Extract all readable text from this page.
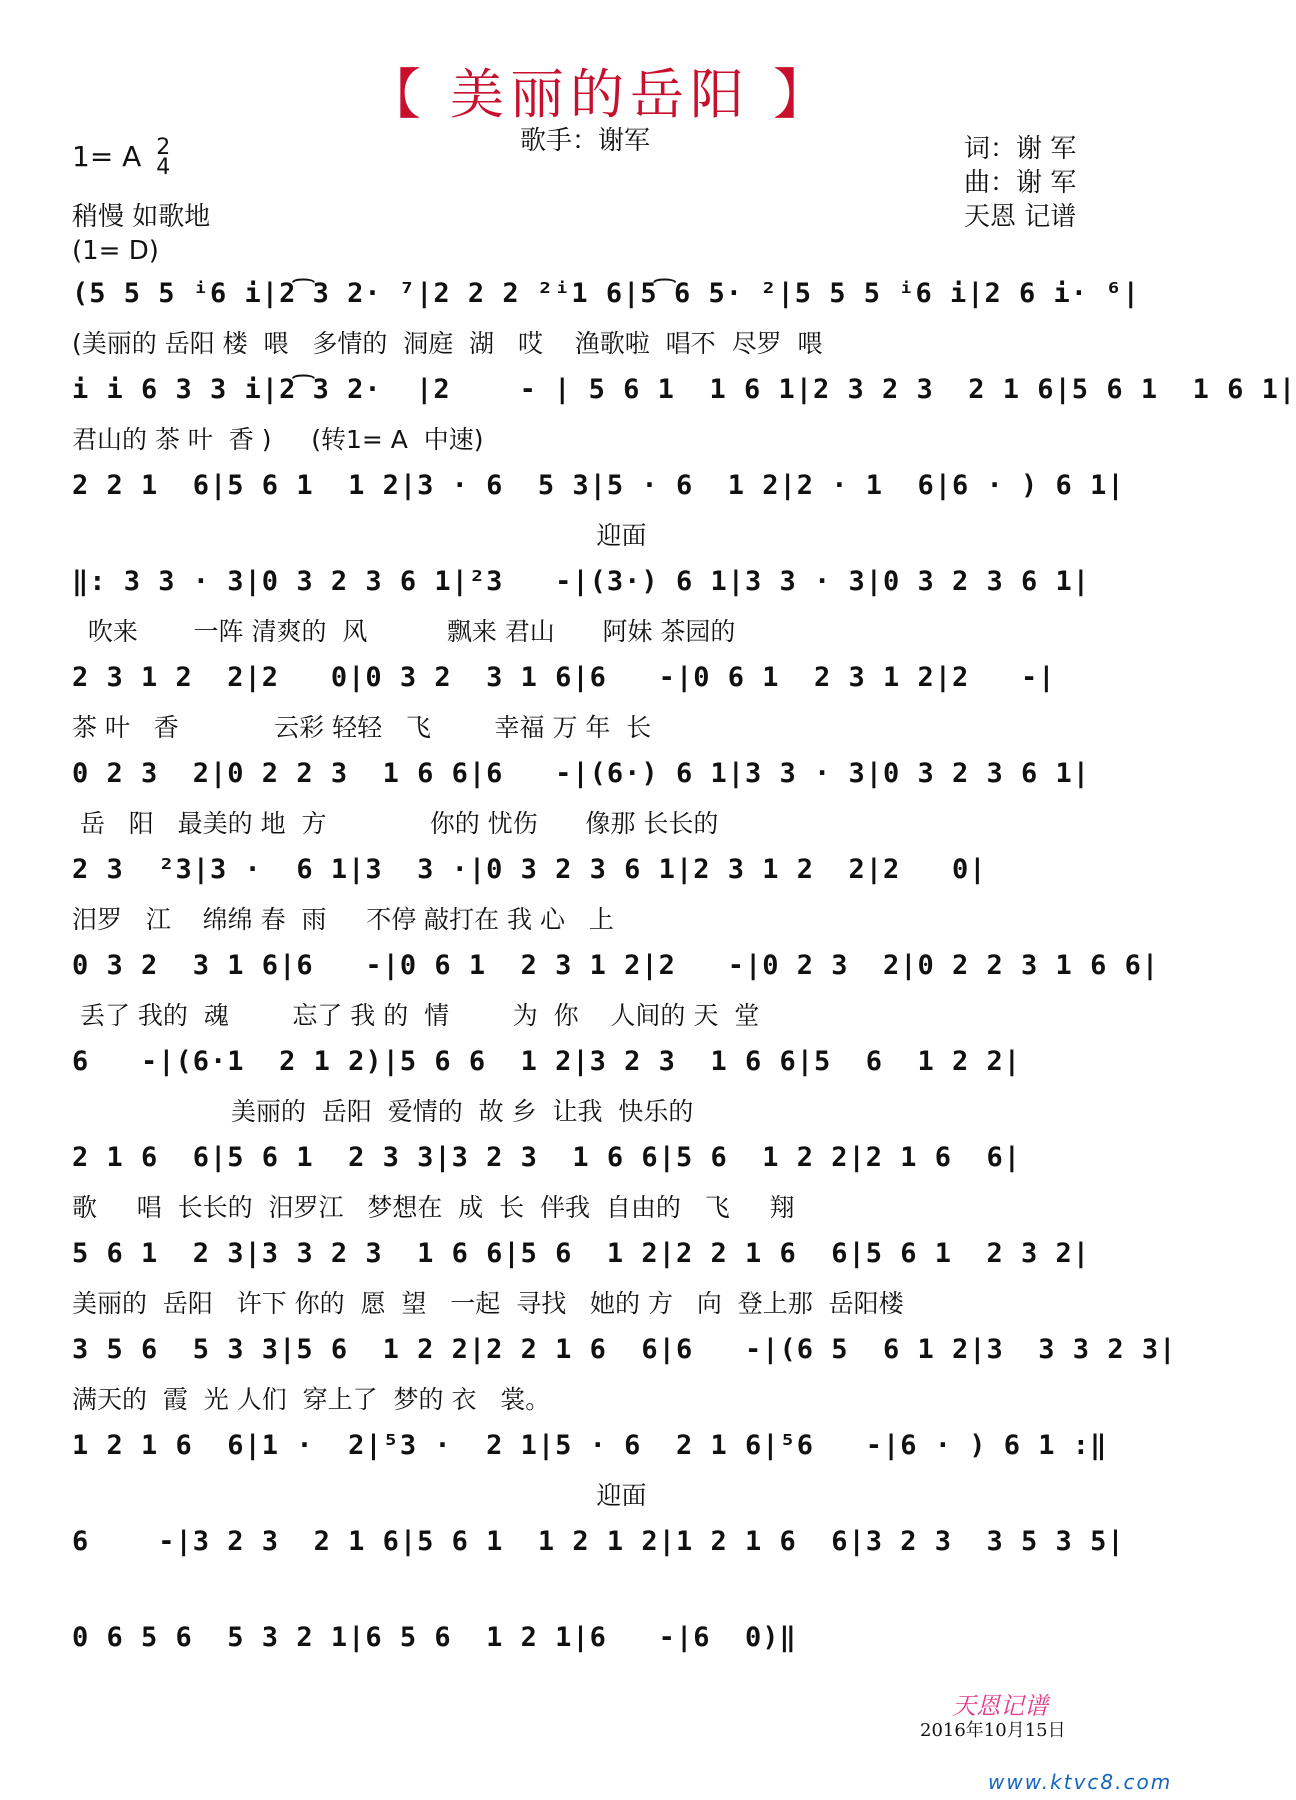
【 美丽的岳阳 】
歌手：谢军
1= A 2
4
词：谢 军
曲：谢 军
天恩 记谱
稍慢 如歌地
(1= D)
(5 5 5 ⁱ6 i|2͡3 2· ⁷|2 2 2 ²ⁱ1 6|5͡6 5· ²|5 5 5 ⁱ6 i|2 6 i· ⁶|
(美丽的 岳阳 楼  喂   多情的  洞庭  湖   哎    渔歌啦  唱不  尽罗  喂
i i 6 3 3 i|2͡3 2·  |2    - | 5 6 1  1 6 1|2 3 2 3  2 1 6|5 6 1  1 6 1|
君山的 茶 叶  香 )     (转1= A  中速)
2 2 1  6|5 6 1  1 2|3 · 6  5 3|5 · 6  1 2|2 · 1  6|6 · ) 6 1|
迎面
‖: 3 3 · 3|0 3 2 3 6 1|²3   -|(3·) 6 1|3 3 · 3|0 3 2 3 6 1|
吹来       一阵 清爽的  风          飘来 君山      阿妹 茶园的
2 3 1 2  2|2   0|0 3 2  3 1 6|6   -|0 6 1  2 3 1 2|2   -|
茶 叶   香            云彩 轻轻   飞        幸福 万 年  长
0 2 3  2|0 2 2 3  1 6 6|6   -|(6·) 6 1|3 3 · 3|0 3 2 3 6 1|
岳   阳   最美的 地  方             你的 忧伤      像那 长长的
2 3  ²3|3 ·  6 1|3  3 ·|0 3 2 3 6 1|2 3 1 2  2|2   0|
汨罗   江    绵绵 春  雨     不停 敲打在 我 心   上
0 3 2  3 1 6|6   -|0 6 1  2 3 1 2|2   -|0 2 3  2|0 2 2 3 1 6 6|
丢了 我的  魂        忘了 我 的  情        为  你    人间的 天  堂
6   -|(6·1  2 1 2)|5 6 6  1 2|3 2 3  1 6 6|5  6  1 2 2|
美丽的  岳阳  爱情的  故 乡  让我  快乐的
2 1 6  6|5 6 1  2 3 3|3 2 3  1 6 6|5 6  1 2 2|2 1 6  6|
歌     唱  长长的  汨罗江   梦想在  成  长  伴我  自由的   飞     翔
5 6 1  2 3|3 3 2 3  1 6 6|5 6  1 2|2 2 1 6  6|5 6 1  2 3 2|
美丽的  岳阳   许下 你的  愿  望   一起  寻找   她的 方   向  登上那  岳阳楼
3 5 6  5 3 3|5 6  1 2 2|2 2 1 6  6|6   -|(6 5  6 1 2|3  3 3 2 3|
满天的  霞  光 人们  穿上了  梦的 衣   裳。
1 2 1 6  6|1 ·  2|⁵3 ·  2 1|5 · 6  2 1 6|⁵6   -|6 · ) 6 1 :‖
迎面
6    -|3 2 3  2 1 6|5 6 1  1 2 1 2|1 2 1 6  6|3 2 3  3 5 3 5|
0 6 5 6  5 3 2 1|6 5 6  1 2 1|6   -|6  0)‖
天恩记谱
2016年10月15日
www.ktvc8.com
